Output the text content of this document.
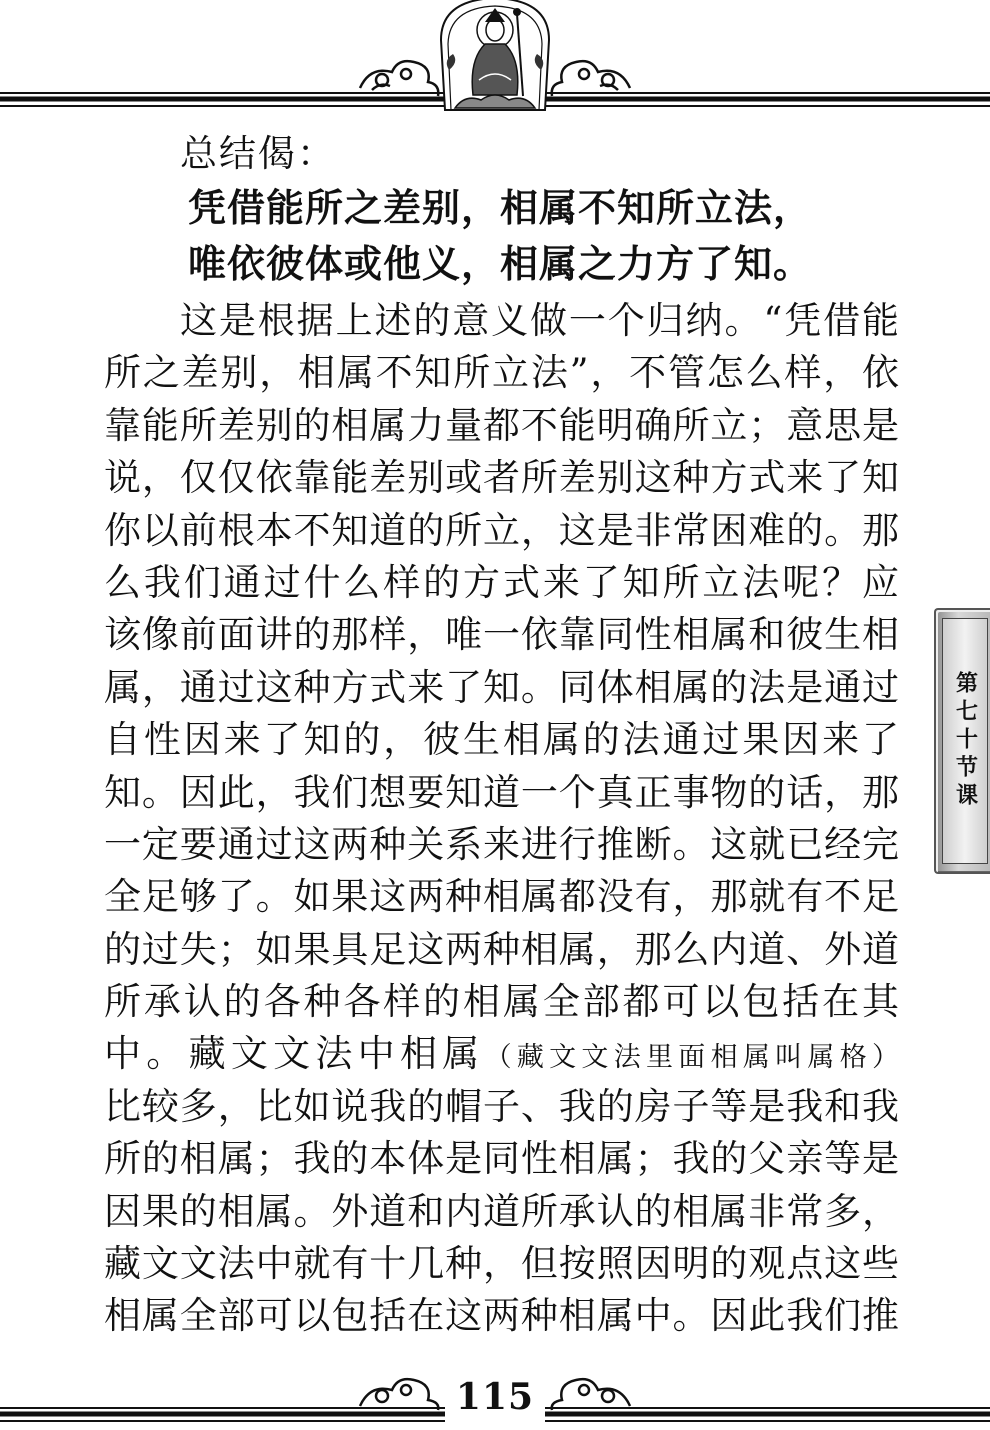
总结偈：
凭借能所之差别，相属不知所立法，
唯依彼体或他义，相属之力方了知。
这是根据上述的意义做一个归纳。“凭借能
所之差别，相属不知所立法”，不管怎么样，依
靠能所差别的相属力量都不能明确所立；意思是
说，仅仅依靠能差别或者所差别这种方式来了知
你以前根本不知道的所立，这是非常困难的。那
么我们通过什么样的方式来了知所立法呢？应
该像前面讲的那样，唯一依靠同性相属和彼生相
属，通过这种方式来了知。同体相属的法是通过
自性因来了知的，彼生相属的法通过果因来了
知。因此，我们想要知道一个真正事物的话，那
一定要通过这两种关系来进行推断。这就已经完
全足够了。如果这两种相属都没有，那就有不足
的过失；如果具足这两种相属，那么内道、外道
所承认的各种各样的相属全部都可以包括在其
中。藏文文法中相属（藏文文法里面相属叫属格）
比较多，比如说我的帽子、我的房子等是我和我
所的相属；我的本体是同性相属；我的父亲等是
因果的相属。外道和内道所承认的相属非常多，
藏文文法中就有十几种，但按照因明的观点这些
相属全部可以包括在这两种相属中。因此我们推
第七十节课
115
